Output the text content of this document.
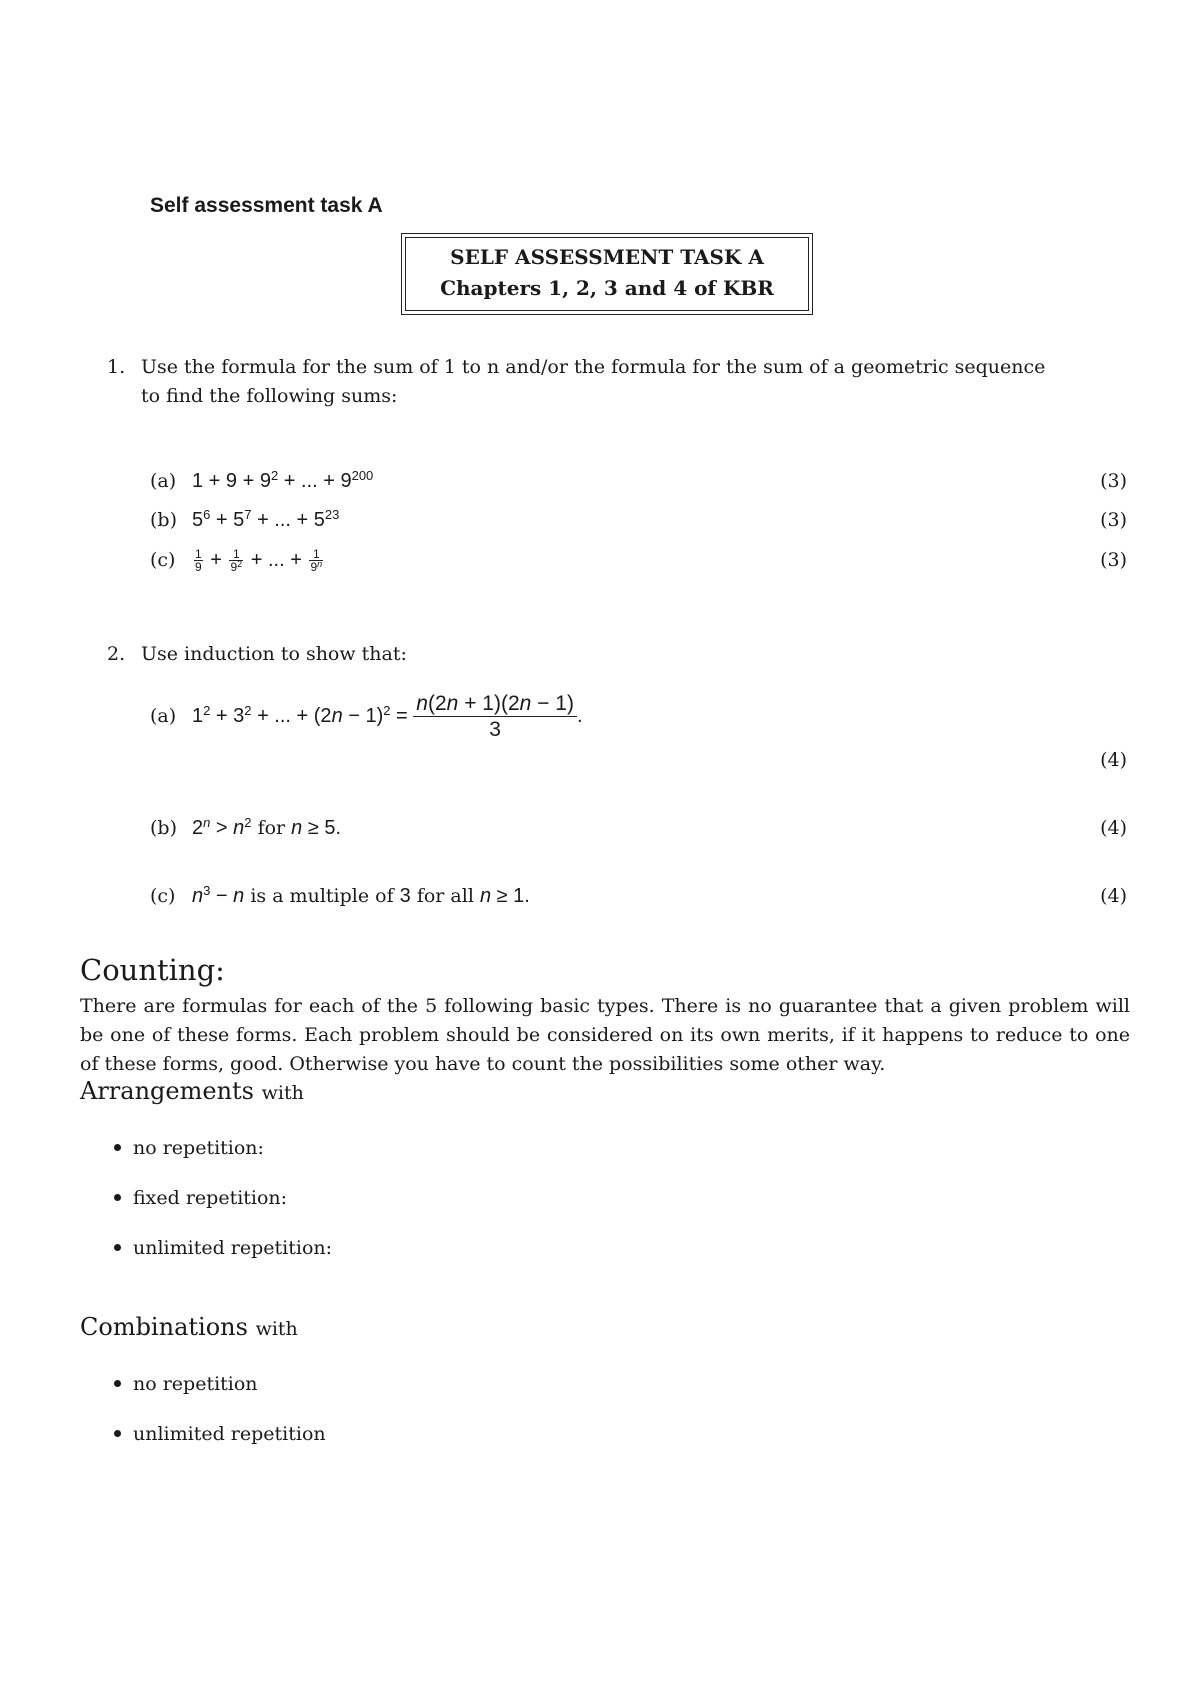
Self assessment task A
SELF ASSESSMENT TASK A
Chapters 1, 2, 3 and 4 of KBR
1. Use the formula for the sum of 1 to n and/or the formula for the sum of a geometric sequence
to find the following sums:
(a) $1 + 9 + 9^2$ + ... + $9^{200}$	(3)
(b) $5^6 + 5^7$ + ... + $5^{23}$	(3)
$(c) \frac{1}{9} + \frac{1}{9^2}$ + ... + $\frac{1}{9^n}$	(3)
2. Use induction to show that:
(a) $1^2 + 3^2$ + ... + $(2n - 1)^2 = \frac{n(2n + 1)(2n - 1)}{3}$ .
(4)
(b) $2^n > n^2$ for n ≥ 5.	(4)
(c) $n^3 - n$ is a multiple of 3 for all n ≥ 1.	(4)
Counting:
There are formulas for each of the 5 following basic types. There is no guarantee that a given problem will be one of these forms. Each problem should be considered on its own merits, if it happens to reduce to one of these forms, good. Otherwise you have to count the possibilities some other way.
Arrangements with
no repetition:
fixed repetition:
unlimited repetition:
Combinations with
no repetition
unlimited repetition
